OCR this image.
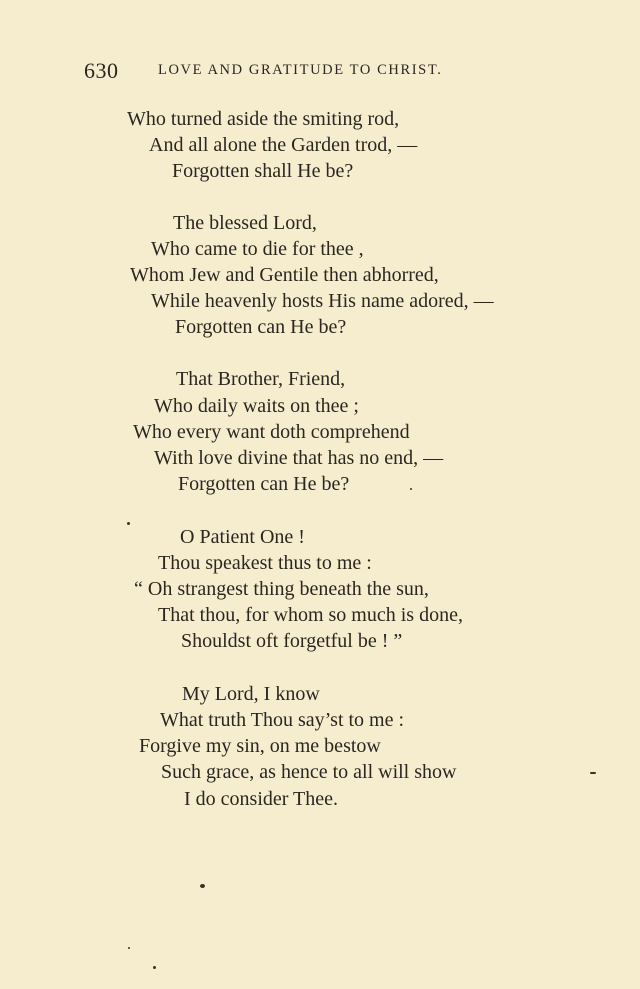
630	LOVE AND GRATITUDE TO CHRIST.
Who turned aside the smiting rod,
And all alone the Garden trod, —
Forgotten shall He be?
The blessed Lord,
Who came to die for thee ,
Whom Jew and Gentile then abhorred,
While heavenly hosts His name adored, —
Forgotten can He be?
That Brother, Friend,
Who daily waits on thee ;
Who every want doth comprehend
With love divine that has no end, —
Forgotten can He be?
O Patient One !
Thou speakest thus to me :
“ Oh strangest thing beneath the sun,
That thou, for whom so much is done,
Shouldst oft forgetful be ! ”
My Lord, I know
What truth Thou say’st to me :
Forgive my sin, on me bestow
Such grace, as hence to all will show
I do consider Thee.
